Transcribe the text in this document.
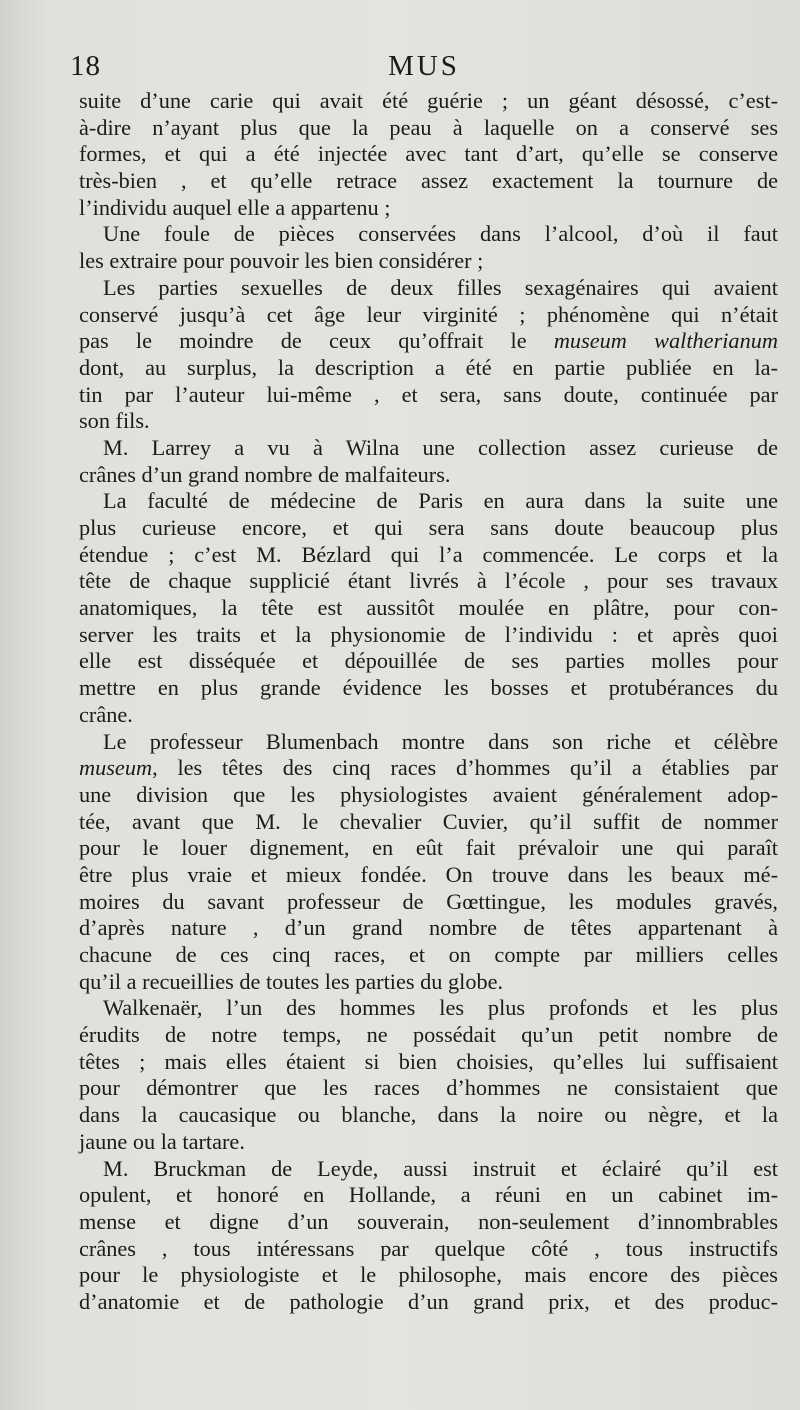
18	MUS
suite d’une carie qui avait été guérie ; un géant désossé, c’est-
à-dire n’ayant plus que la peau à laquelle on a conservé ses
formes, et qui a été injectée avec tant d’art, qu’elle se conserve
très-bien , et qu’elle retrace assez exactement la tournure de
l’individu auquel elle a appartenu ;
Une foule de pièces conservées dans l’alcool, d’où il faut
les extraire pour pouvoir les bien considérer ;
Les parties sexuelles de deux filles sexagénaires qui avaient
conservé jusqu’à cet âge leur virginité ; phénomène qui n’était
pas le moindre de ceux qu’offrait le museum waltherianum
dont, au surplus, la description a été en partie publiée en la-
tin par l’auteur lui-même , et sera, sans doute, continuée par
son fils.
M. Larrey a vu à Wilna une collection assez curieuse de
crânes d’un grand nombre de malfaiteurs.
La faculté de médecine de Paris en aura dans la suite une
plus curieuse encore, et qui sera sans doute beaucoup plus
étendue ; c’est M. Bézlard qui l’a commencée. Le corps et la
tête de chaque supplicié étant livrés à l’école , pour ses travaux
anatomiques, la tête est aussitôt moulée en plâtre, pour con-
server les traits et la physionomie de l’individu : et après quoi
elle est disséquée et dépouillée de ses parties molles pour
mettre en plus grande évidence les bosses et protubérances du
crâne.
Le professeur Blumenbach montre dans son riche et célèbre
museum, les têtes des cinq races d’hommes qu’il a établies par
une division que les physiologistes avaient généralement adop-
tée, avant que M. le chevalier Cuvier, qu’il suffit de nommer
pour le louer dignement, en eût fait prévaloir une qui paraît
être plus vraie et mieux fondée. On trouve dans les beaux mé-
moires du savant professeur de Gœttingue, les modules gravés,
d’après nature , d’un grand nombre de têtes appartenant à
chacune de ces cinq races, et on compte par milliers celles
qu’il a recueillies de toutes les parties du globe.
Walkenaër, l’un des hommes les plus profonds et les plus
érudits de notre temps, ne possédait qu’un petit nombre de
têtes ; mais elles étaient si bien choisies, qu’elles lui suffisaient
pour démontrer que les races d’hommes ne consistaient que
dans la caucasique ou blanche, dans la noire ou nègre, et la
jaune ou la tartare.
M. Bruckman de Leyde, aussi instruit et éclairé qu’il est
opulent, et honoré en Hollande, a réuni en un cabinet im-
mense et digne d’un souverain, non-seulement d’innombrables
crânes , tous intéressans par quelque côté , tous instructifs
pour le physiologiste et le philosophe, mais encore des pièces
d’anatomie et de pathologie d’un grand prix, et des produc-
